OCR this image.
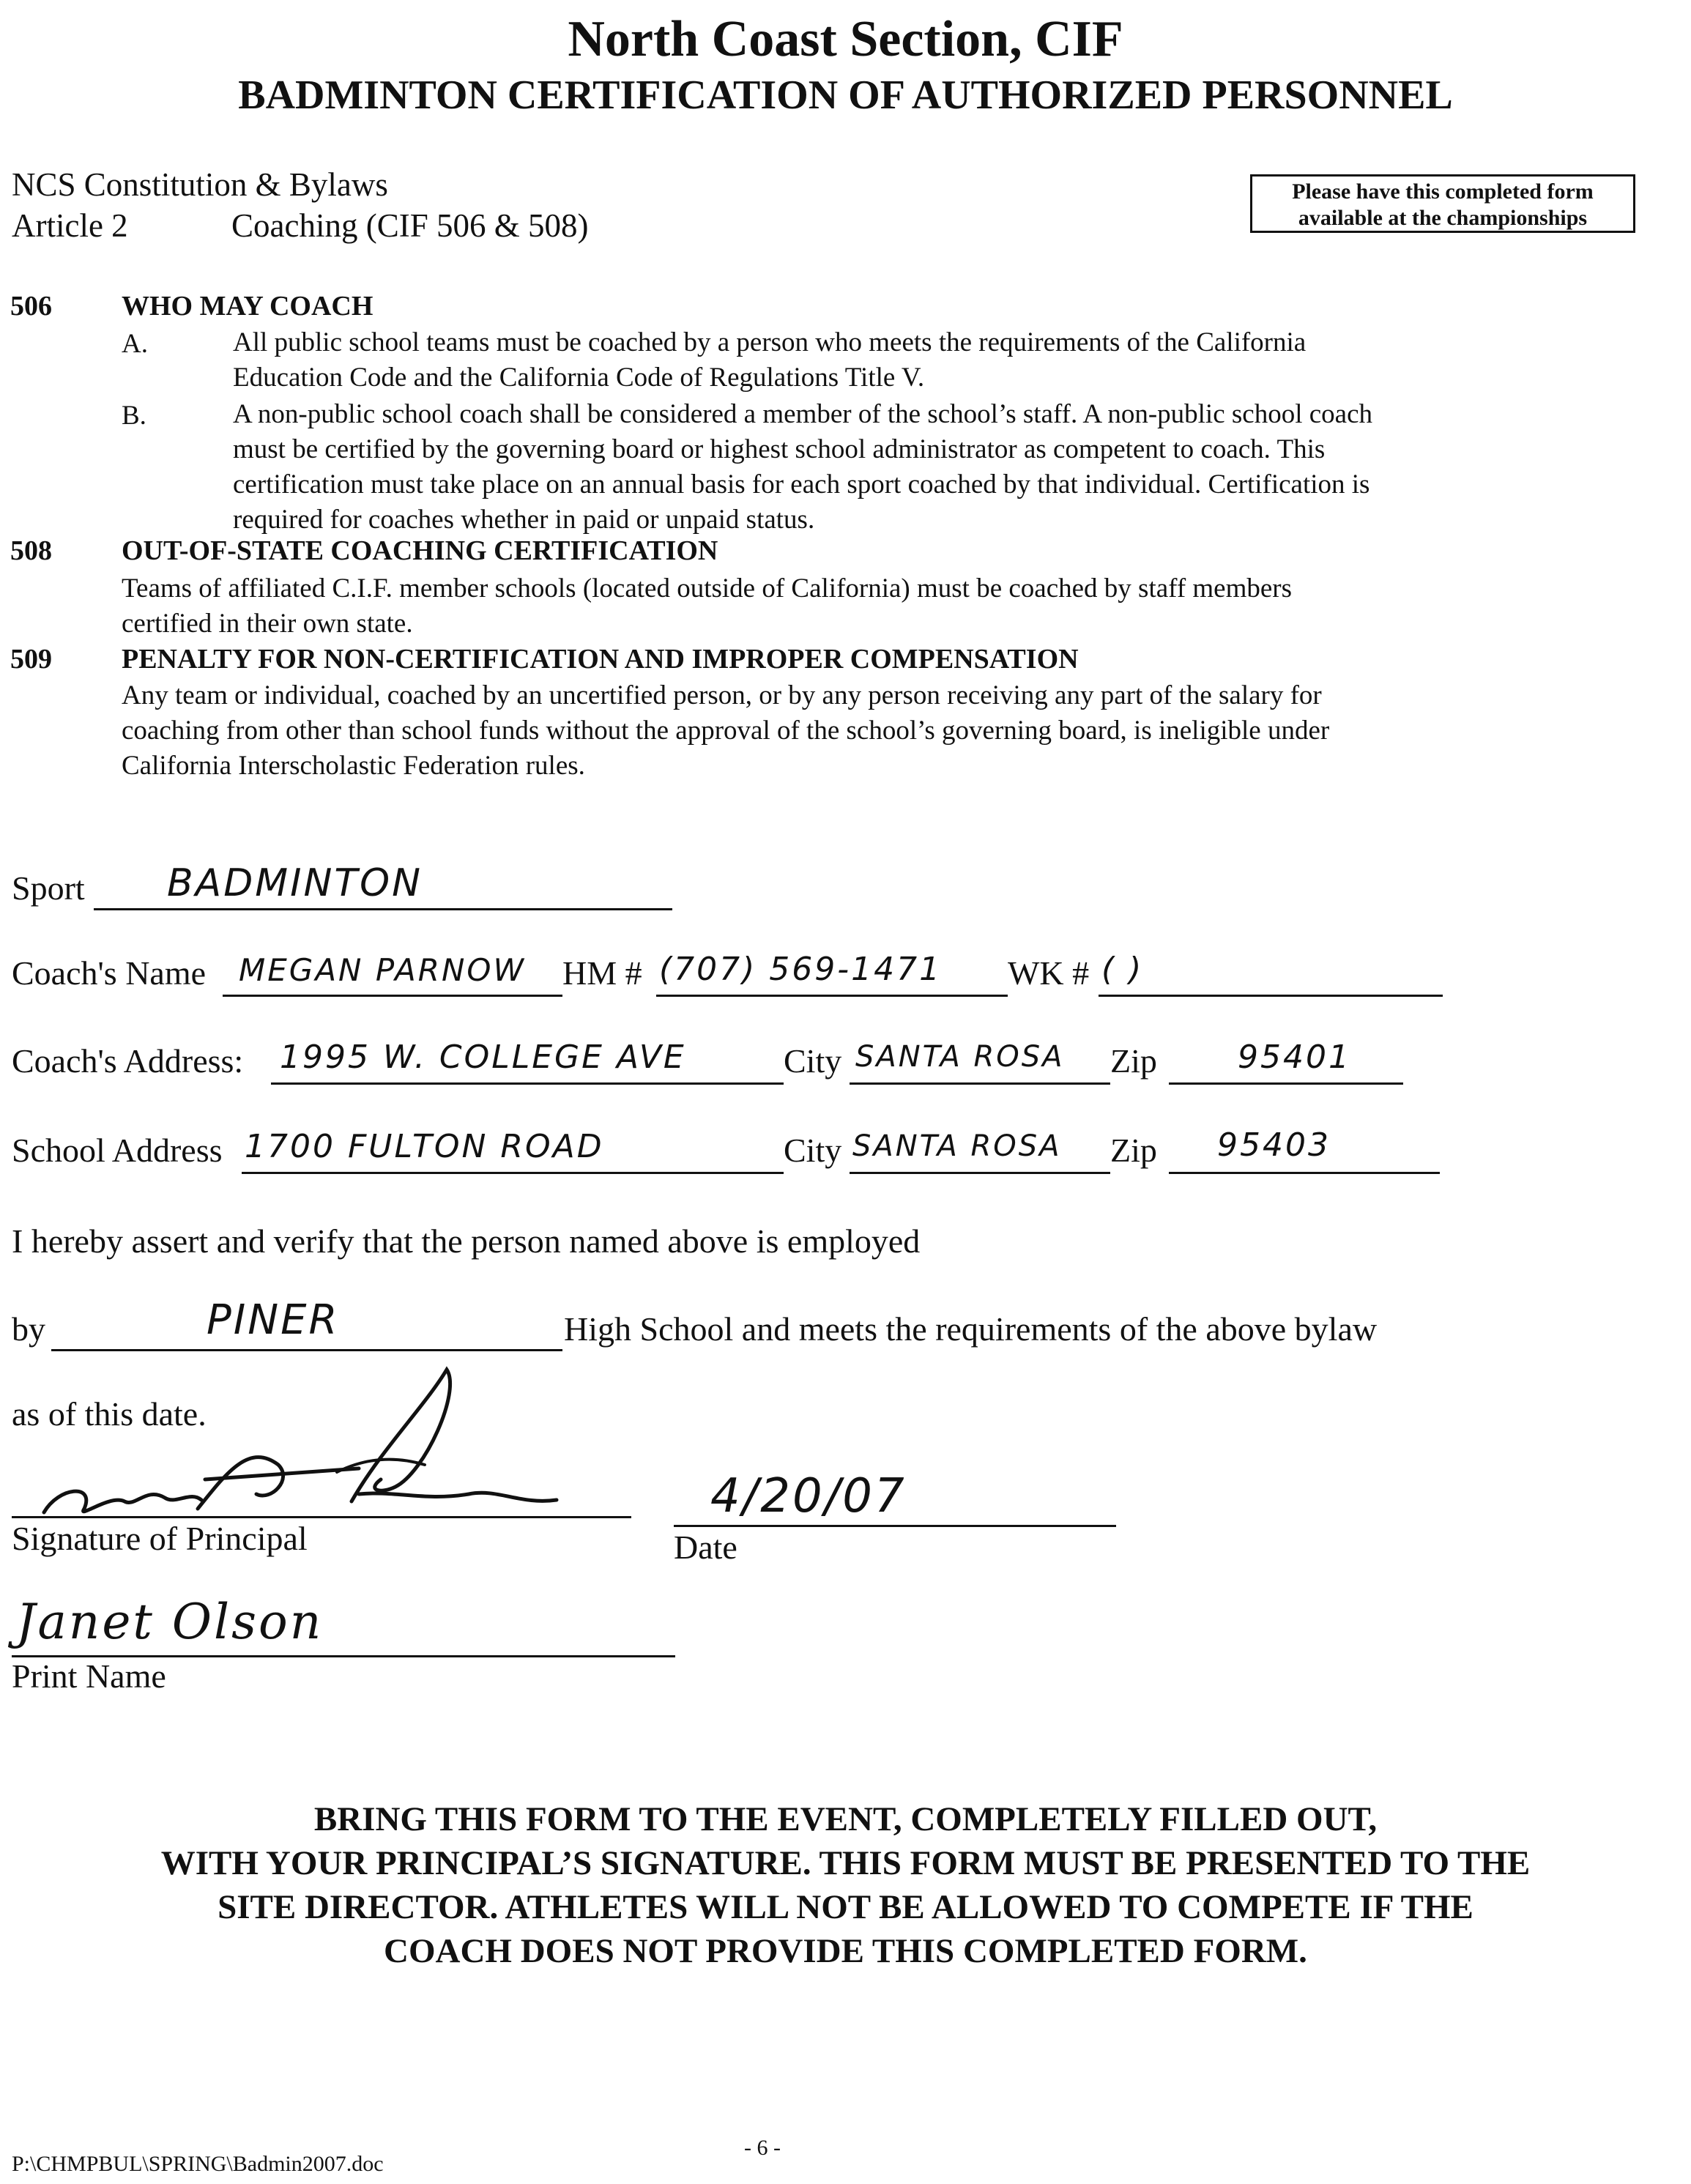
North Coast Section, CIF
BADMINTON CERTIFICATION OF AUTHORIZED PERSONNEL
NCS Constitution & Bylaws
Article 2	Coaching (CIF 506 & 508)
Please have this completed form
available at the championships
506	WHO MAY COACH
A.	All public school teams must be coached by a person who meets the requirements of the California
Education Code and the California Code of Regulations Title V.
B.	A non-public school coach shall be considered a member of the school’s staff. A non-public school coach
must be certified by the governing board or highest school administrator as competent to coach. This
certification must take place on an annual basis for each sport coached by that individual. Certification is
required for coaches whether in paid or unpaid status.
508	OUT-OF-STATE COACHING CERTIFICATION
Teams of affiliated C.I.F. member schools (located outside of California) must be coached by staff members
certified in their own state.
509	PENALTY FOR NON-CERTIFICATION AND IMPROPER COMPENSATION
Any team or individual, coached by an uncertified person, or by any person receiving any part of the salary for
coaching from other than school funds without the approval of the school’s governing board, is ineligible under
California Interscholastic Federation rules.
Sport BADMINTON
Coach's Name MEGAN PARNOW HM # (707) 569-1471 WK # ( )
Coach's Address: 1995 W. COLLEGE AVE	City SANTA ROSA Zip	95401
School Address 1700 FULTON ROAD	City SANTA ROSA Zip 95403
I hereby assert and verify that the person named above is employed
by	PINER	High School and meets the requirements of the above bylaw
as of this date.
Signature of Principal
4/20/07
Date
Janet Olson
Print Name
BRING THIS FORM TO THE EVENT, COMPLETELY FILLED OUT,
WITH YOUR PRINCIPAL’S SIGNATURE. THIS FORM MUST BE PRESENTED TO THE
SITE DIRECTOR. ATHLETES WILL NOT BE ALLOWED TO COMPETE IF THE
COACH DOES NOT PROVIDE THIS COMPLETED FORM.
- 6 -
P:\CHMPBUL\SPRING\Badmin2007.doc
